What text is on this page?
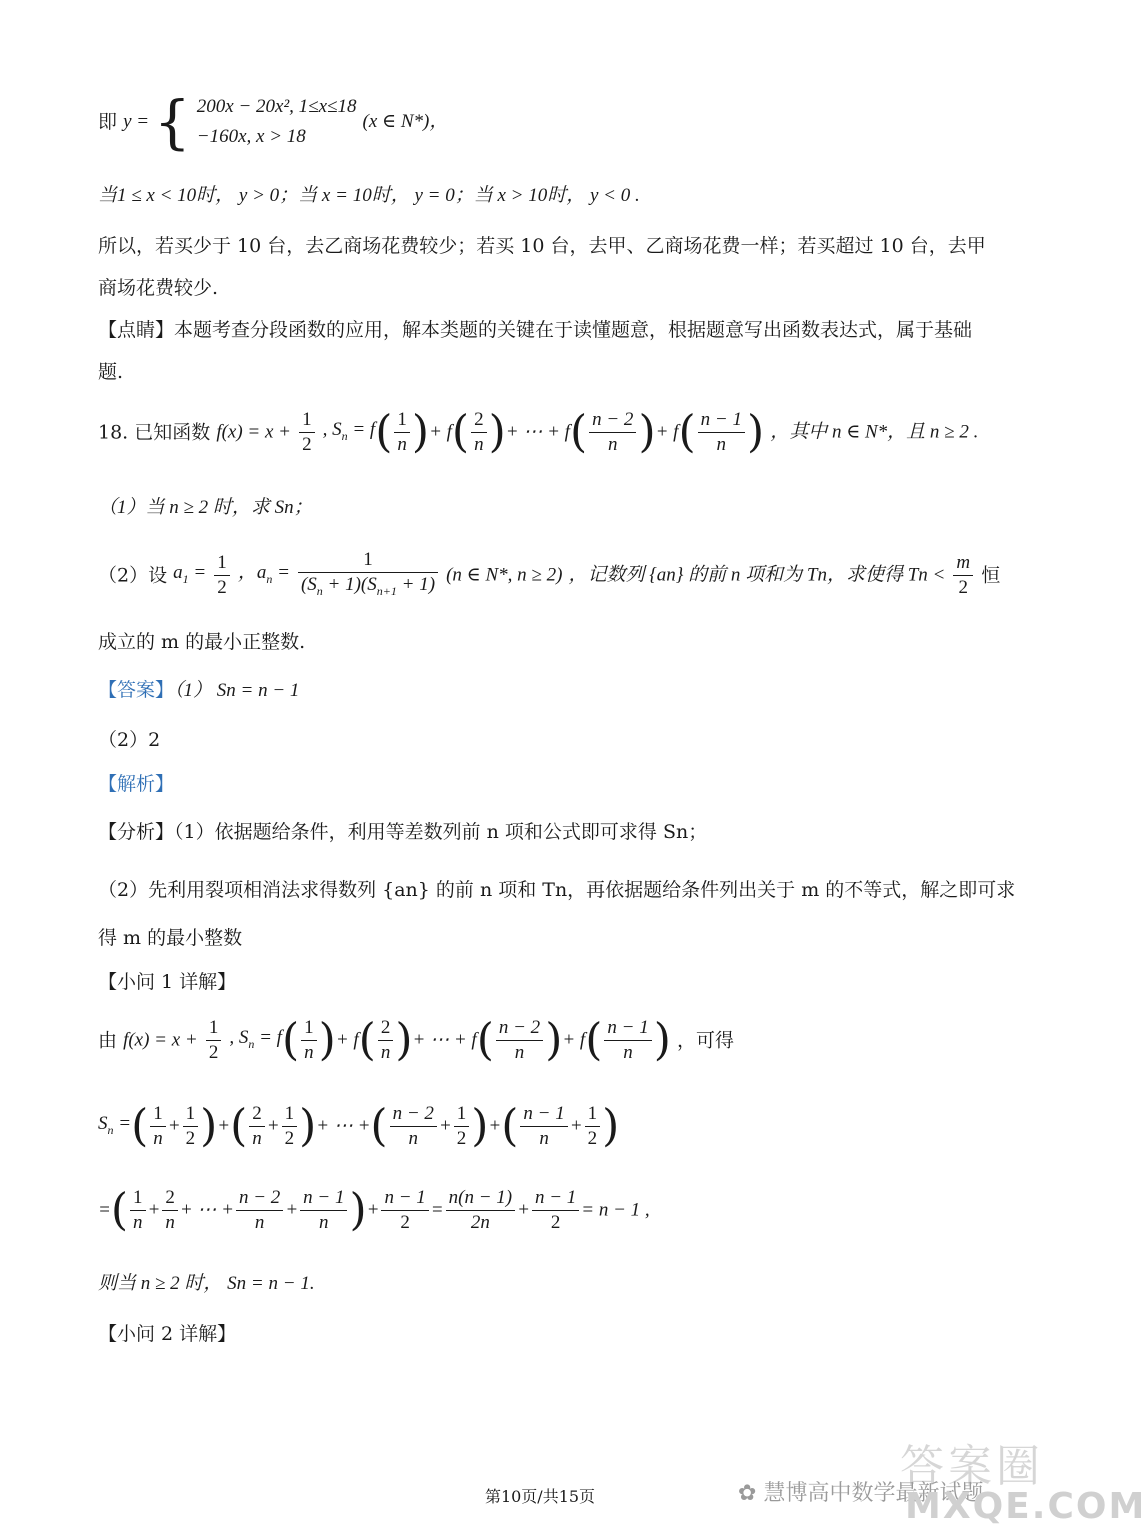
即 y = { 200x − 20x², 1≤x≤18
−160x, x > 18
(x ∈ N*)，
当1 ≤ x < 10时， y > 0；当 x = 10时， y = 0；当 x > 10时， y < 0 .
所以，若买少于 10 台，去乙商场花费较少；若买 10 台，去甲、乙商场花费一样；若买超过 10 台，去甲
商场花费较少.
【点睛】本题考查分段函数的应用，解本类题的关键在于读懂题意，根据题意写出函数表达式，属于基础
题.
18. 已知函数 $f(x) = x + \frac{1}{2}$ , $S_n = f( \frac{1}{n}$ )+ $f( \frac{2}{n}$ )+ ⋯ + $f( \frac{n - 2}{n}$ )+ $f( \frac{n - 1}{n}$ ) ，其中 n ∈ N*，且 n ≥ 2 .
（1）当 n ≥ 2 时，求 Sn；
（2）设 $a_1 = \frac{1}{2}$ ，$a_n = \frac{1}{(S_n + 1)(S_{n+1} + 1)} (n$ ∈ N*, n ≥ 2) ，记数列 {an} 的前 n 项和为 Tn，求使得 $Tn < \frac{m}{2}$ 恒
成立的 m 的最小正整数.
【答案】（1） Sn = n − 1
（2）2
【解析】
【分析】（1）依据题给条件，利用等差数列前 n 项和公式即可求得 Sn；
（2）先利用裂项相消法求得数列 {an} 的前 n 项和 Tn，再依据题给条件列出关于 m 的不等式，解之即可求
得 m 的最小整数
【小问 1 详解】
由 $f(x) = x + \frac{1}{2}$ , $S_n = f( \frac{1}{n}$ )+ $f( \frac{2}{n}$ )+ ⋯ + $f( \frac{n - 2}{n}$ )+ $f( \frac{n - 1}{n}$ ) ，可得
$S_n$ =( $\frac{1}{n} + \frac{1}{2}$ )+( $\frac{2}{n} + \frac{1}{2}$ )+ ⋯ +( $\frac{n - 2}{n} + \frac{1}{2}$ )+( $\frac{n - 1}{n} + \frac{1}{2}$ )
=( $\frac{1}{n} + \frac{2}{n}$ + ⋯ + $\frac{n - 2}{n} + \frac{n - 1}{n}$ )+ $\frac{n - 1}{2} = \frac{n(n - 1)}{2n} + \frac{n - 1}{2} = n - 1$ ,
则当 n ≥ 2 时， Sn = n − 1.
【小问 2 详解】
答案圈
✿ 慧博高中数学最新试题
MXQE.COM
第10页/共15页
